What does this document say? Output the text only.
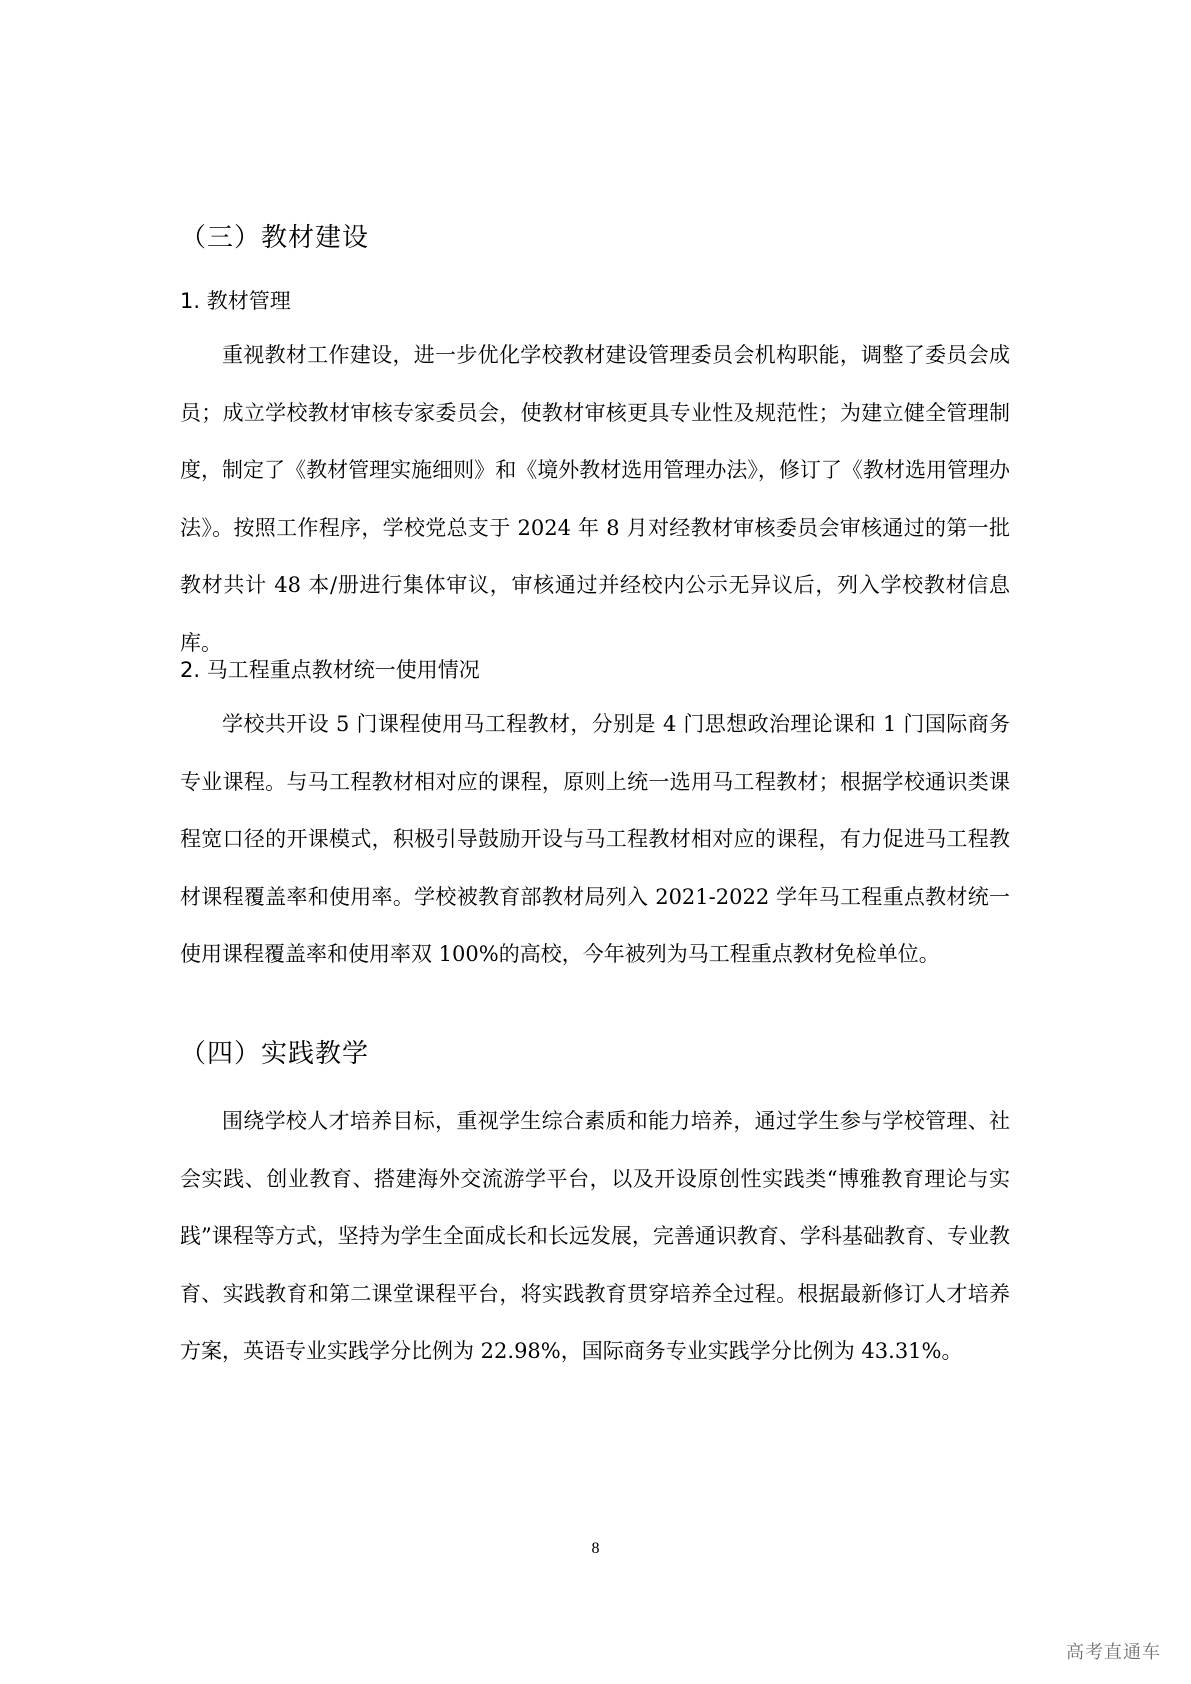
（三）教材建设
1. 教材管理

重视教材工作建设，进一步优化学校教材建设管理委员会机构职能，调整了委员会成员；成立学校教材审核专家委员会，使教材审核更具专业性及规范性；为建立健全管理制度，制定了《教材管理实施细则》和《境外教材选用管理办法》，修订了《教材选用管理办法》。按照工作程序，学校党总支于 2024 年 8 月对经教材审核委员会审核通过的第一批教材共计 48 本/册进行集体审议，审核通过并经校内公示无异议后，列入学校教材信息库。

2. 马工程重点教材统一使用情况

学校共开设 5 门课程使用马工程教材，分别是 4 门思想政治理论课和 1 门国际商务专业课程。与马工程教材相对应的课程，原则上统一选用马工程教材；根据学校通识类课程宽口径的开课模式，积极引导鼓励开设与马工程教材相对应的课程，有力促进马工程教材课程覆盖率和使用率。学校被教育部教材局列入 2021-2022 学年马工程重点教材统一使用课程覆盖率和使用率双 100%的高校，今年被列为马工程重点教材免检单位。

（四）实践教学

围绕学校人才培养目标，重视学生综合素质和能力培养，通过学生参与学校管理、社会实践、创业教育、搭建海外交流游学平台，以及开设原创性实践类“博雅教育理论与实践”课程等方式，坚持为学生全面成长和长远发展，完善通识教育、学科基础教育、专业教育、实践教育和第二课堂课程平台，将实践教育贯穿培养全过程。根据最新修订人才培养方案，英语专业实践学分比例为 22.98%，国际商务专业实践学分比例为 43.31%。

8
高考直通车
